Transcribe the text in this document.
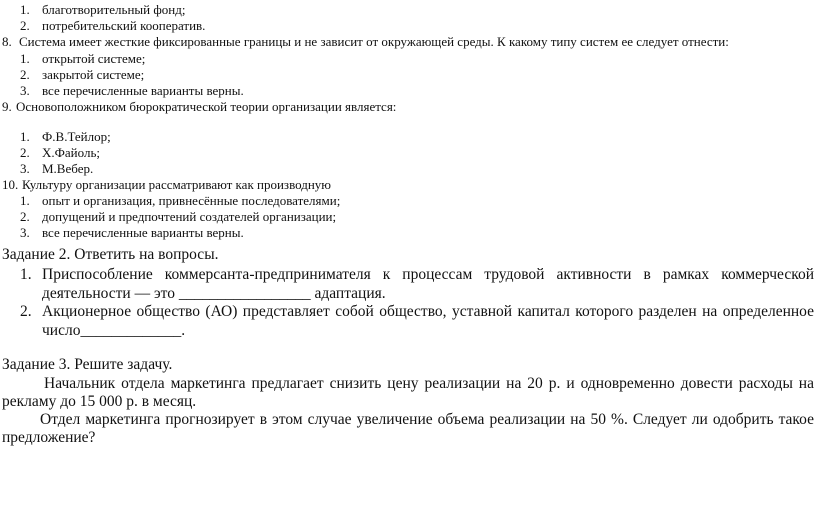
1. благотворительный фонд;
2. потребительский кооператив.
8. Система имеет жесткие фиксированные границы и не зависит от окружающей среды. К какому типу систем ее следует отнести:
1. открытой системе;
2. закрытой системе;
3. все перечисленные варианты верны.
9. Основоположником бюрократической теории организации является:
1. Ф.В.Тейлор;
2. Х.Файоль;
3. М.Вебер.
10. Культуру организации рассматривают как производную
1. опыт и организация, привнесённые последователями;
2. допущений и предпочтений создателей организации;
3. все перечисленные варианты верны.
Задание 2. Ответить на вопросы.
1. Приспособление коммерсанта-предпринимателя к процессам трудовой активности в рамках коммерческой
деятельности — это _________________ адаптация.
2. Акционерное общество (АО) представляет собой общество, уставной капитал которого разделен на определенное
число_____________.
Задание 3. Решите задачу.
Начальник отдела маркетинга предлагает снизить цену реализации на 20 р. и одновременно довести расходы на
рекламу до 15 000 р. в месяц.
Отдел маркетинга прогнозирует в этом случае увеличение объема реализации на 50 %. Следует ли одобрить такое
предложение?
